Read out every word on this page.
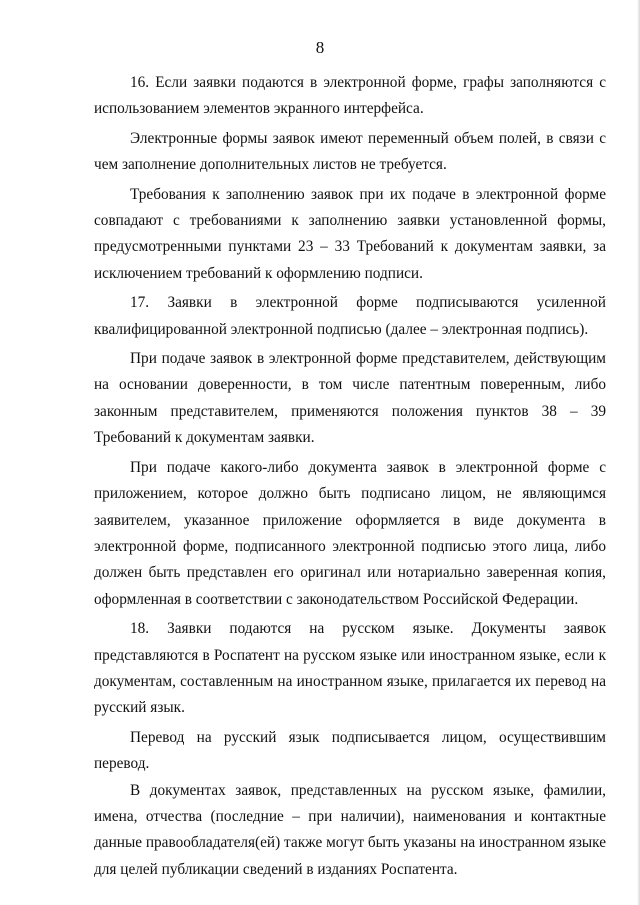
8

16. Если заявки подаются в электронной форме, графы заполняются с использованием элементов экранного интерфейса.

Электронные формы заявок имеют переменный объем полей, в связи с чем заполнение дополнительных листов не требуется.

Требования к заполнению заявок при их подаче в электронной форме совпадают с требованиями к заполнению заявки установленной формы, предусмотренными пунктами 23 – 33 Требований к документам заявки, за исключением требований к оформлению подписи.

17. Заявки в электронной форме подписываются усиленной квалифицированной электронной подписью (далее – электронная подпись).

При подаче заявок в электронной форме представителем, действующим на основании доверенности, в том числе патентным поверенным, либо законным представителем, применяются положения пунктов 38 – 39 Требований к документам заявки.

При подаче какого-либо документа заявок в электронной форме с приложением, которое должно быть подписано лицом, не являющимся заявителем, указанное приложение оформляется в виде документа в электронной форме, подписанного электронной подписью этого лица, либо должен быть представлен его оригинал или нотариально заверенная копия, оформленная в соответствии с законодательством Российской Федерации.

18. Заявки подаются на русском языке. Документы заявок представляются в Роспатент на русском языке или иностранном языке, если к документам, составленным на иностранном языке, прилагается их перевод на русский язык.

Перевод на русский язык подписывается лицом, осуществившим перевод.

В документах заявок, представленных на русском языке, фамилии, имена, отчества (последние – при наличии), наименования и контактные данные правообладателя(ей) также могут быть указаны на иностранном языке для целей публикации сведений в изданиях Роспатента.
